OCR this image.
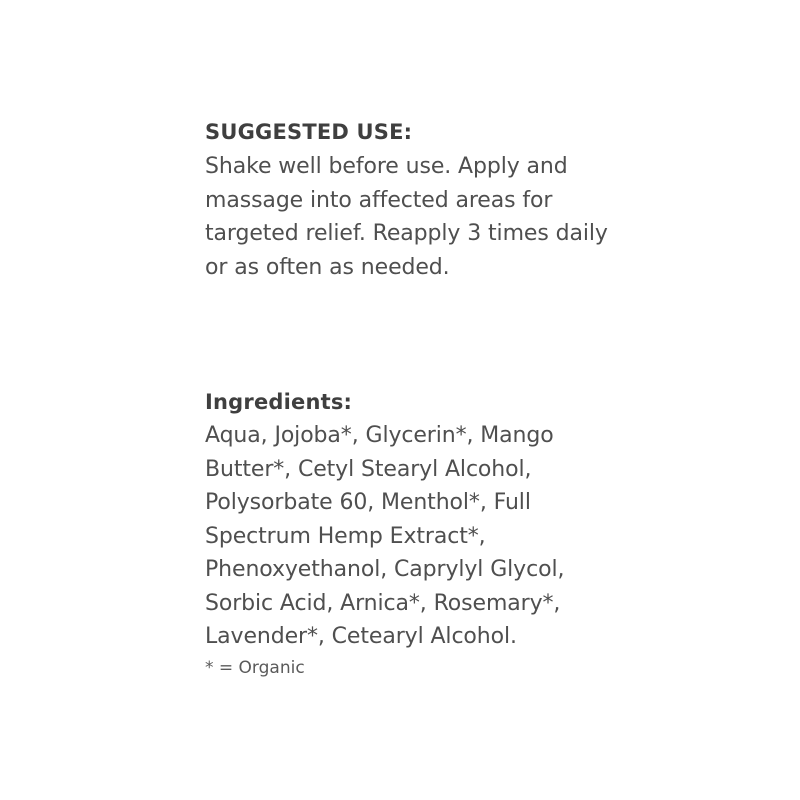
SUGGESTED USE:

Shake well before use. Apply and massage into affected areas for targeted relief. Reapply 3 times daily or as often as needed.

Ingredients:

Aqua, Jojoba*, Glycerin*, Mango Butter*, Cetyl Stearyl Alcohol, Polysorbate 60, Menthol*, Full Spectrum Hemp Extract*, Phenoxyethanol, Caprylyl Glycol, Sorbic Acid, Arnica*, Rosemary*, Lavender*, Cetearyl Alcohol.

* = Organic
